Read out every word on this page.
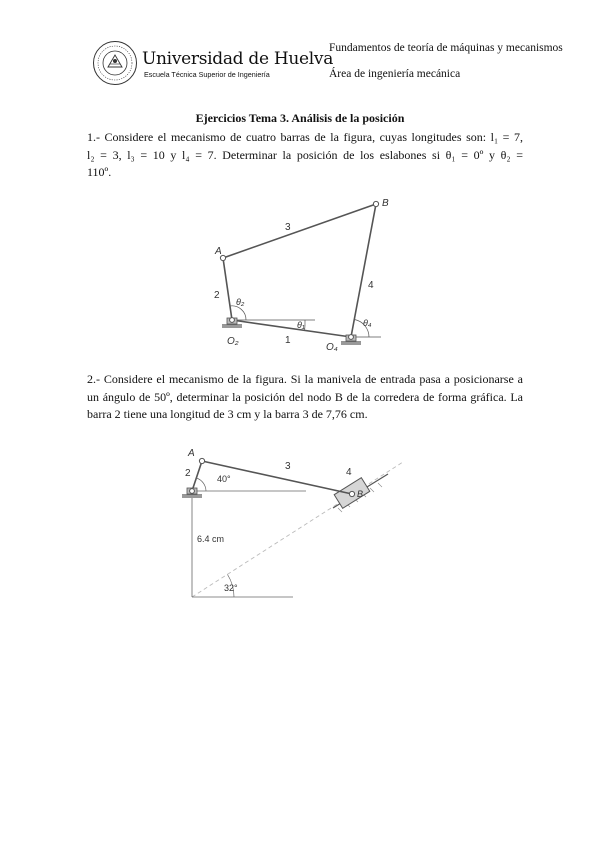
Universidad de Huelva
Escuela Técnica Superior de Ingeniería
Fundamentos de teoría de máquinas y mecanismos
Área de ingeniería mecánica
Ejercicios Tema 3. Análisis de la posición
1.- Considere el mecanismo de cuatro barras de la figura, cuyas longitudes son: l₁ = 7,
l₂ = 3, l₃ = 10 y l₄ = 7. Determinar la posición de los eslabones si θ₁ = 0º y θ₂ =
110º.
A
B
3
2
4
1
θ₂
θ₁	θ₄
O₂
O₄
2.- Considere el mecanismo de la figura. Si la manivela de entrada pasa a posicionarse a
un ángulo de 50º, determinar la posición del nodo B de la corredera de forma gráfica. La
barra 2 tiene una longitud de 3 cm y la barra 3 de 7,76 cm.
A
B
2
3
4
40°
6.4 cm
32°
